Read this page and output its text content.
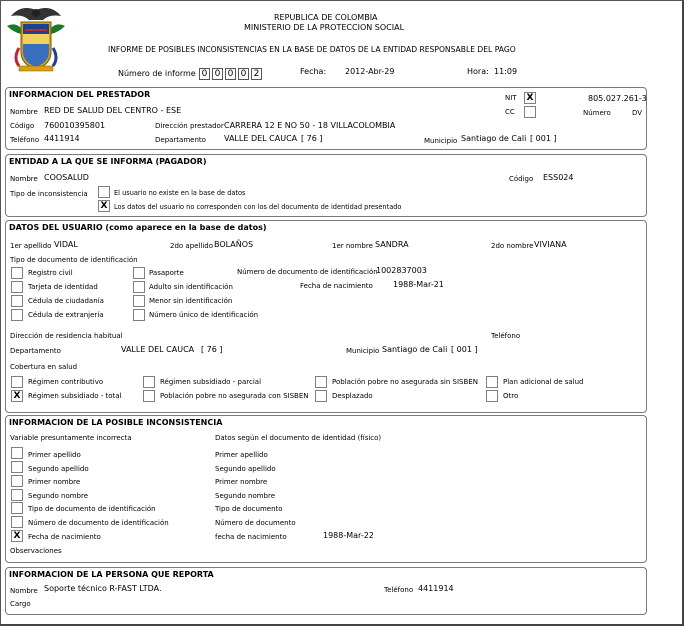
REPUBLICA DE COLOMBIA
MINISTERIO DE LA PROTECCION SOCIAL
INFORME DE POSIBLES INCONSISTENCIAS EN LA BASE DE DATOS DE LA ENTIDAD RESPONSABLE DEL PAGO
Número de informe 0 0 0 0 2	Fecha: 2012-Abr-29	Hora: 11:09
INFORMACION DEL PRESTADOR	NIT X	805.027.261-3
CC	Número	DV
Nombre RED DE SALUD DEL CENTRO - ESE
Código 760010395801	Dirección prestador CARRERA 12 E NO 50 - 18 VILLACOLOMBIA
Teléfono 4411914	Departamento VALLE DEL CAUCA [ 76 ]	Municipio Santiago de Cali [ 001 ]
ENTIDAD A LA QUE SE INFORMA (PAGADOR)
Nombre COOSALUD	Código ESS024
Tipo de inconsistencia	El usuario no existe en la base de datos
X Los datos del usuario no corresponden con los del documento de identidad presentado
DATOS DEL USUARIO (como aparece en la base de datos)
1er apellido VIDAL	2do apellido BOLAÑOS	1er nombre SANDRA	2do nombre VIVIANA
Tipo de documento de identificación
Registro civil
Tarjeta de identidad
Cédula de ciudadanía
Cédula de extranjería
Pasaporte
Adulto sin identificación
Menor sin identificación
Número único de identificación
Número de documento de identificación
1002837003
Fecha de nacimiento	1988-Mar-21
Dirección de residencia habitual	Teléfono
Departamento	VALLE DEL CAUCA [ 76 ]	Municipio Santiago de Cali [ 001 ]
Cobertura en salud
Régimen contributivo
X	Régimen subsidiado - total
Régimen subsidiado - parcial
Población pobre no asegurada con SISBEN
Población pobre no asegurada sin SISBEN
Desplazado
Plan adicional de salud
Otro
INFORMACION DE LA POSIBLE INCONSISTENCIA
Variable presuntamente incorrecta	Datos según el documento de identidad (físico)
Primer apellido	Primer apellido
Segundo apellido	Segundo apellido
Primer nombre	Primer nombre
Segundo nombre	Segundo nombre
Tipo de documento de identificación	Tipo de documento
Número de documento de identificación	Número de documento
X	Fecha de nacimiento	fecha de nacimiento	1988-Mar-22
Observaciones
INFORMACION DE LA PERSONA QUE REPORTA
Nombre Soporte técnico R-FAST LTDA.	Teléfono 4411914
Cargo
